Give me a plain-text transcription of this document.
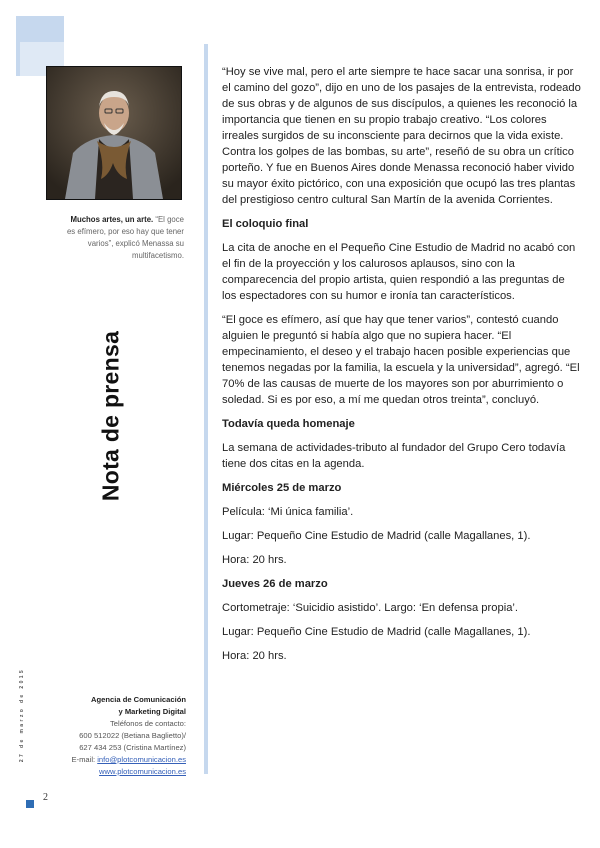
Muchos artes, un arte. “El goce es efímero, por eso hay que tener varios”, explicó Menassa su multifacetismo.
Nota de prensa
27 de marzo de 2015	Agencia de Comunicación
y Marketing Digital
Teléfonos de contacto:
600 512022 (Betiana Baglietto)/
627 434 253 (Cristina Martínez)
E-mail: info@plotcomunicacion.es
www.plotcomunicacion.es
2

“Hoy se vive mal, pero el arte siempre te hace sacar una sonrisa, ir por el camino del gozo”, dijo en uno de los pasajes de la entrevista, rodeado de sus obras y de algunos de sus discípulos, a quienes les reconoció la importancia que tienen en su propio trabajo creativo. “Los colores irreales surgidos de su inconsciente para decirnos que la vida existe. Contra los golpes de las bombas, su arte”, reseñó de su obra un crítico porteño. Y fue en Buenos Aires donde Menassa reconoció haber vivido su mayor éxito pictórico, con una exposición que ocupó las tres plantas del prestigioso centro cultural San Martín de la avenida Corrientes.

El coloquio final

La cita de anoche en el Pequeño Cine Estudio de Madrid no acabó con el fin de la proyección y los calurosos aplausos, sino con la comparecencia del propio artista, quien respondió a las preguntas de los espectadores con su humor e ironía tan característicos.

“El goce es efímero, así que hay que tener varios”, contestó cuando alguien le preguntó si había algo que no supiera hacer. “El empecinamiento, el deseo y el trabajo hacen posible experiencias que tenemos negadas por la familia, la escuela y la universidad”, agregó. “El 70% de las causas de muerte de los mayores son por aburrimiento o soledad. Si es por eso, a mí me quedan otros treinta”, concluyó.

Todavía queda homenaje

La semana de actividades-tributo al fundador del Grupo Cero todavía tiene dos citas en la agenda.

Miércoles 25 de marzo

Película: ‘Mi única familia’.

Lugar: Pequeño Cine Estudio de Madrid (calle Magallanes, 1).

Hora: 20 hrs.

Jueves 26 de marzo

Cortometraje: ‘Suicidio asistido’. Largo: ‘En defensa propia’.

Lugar: Pequeño Cine Estudio de Madrid (calle Magallanes, 1).

Hora: 20 hrs.
